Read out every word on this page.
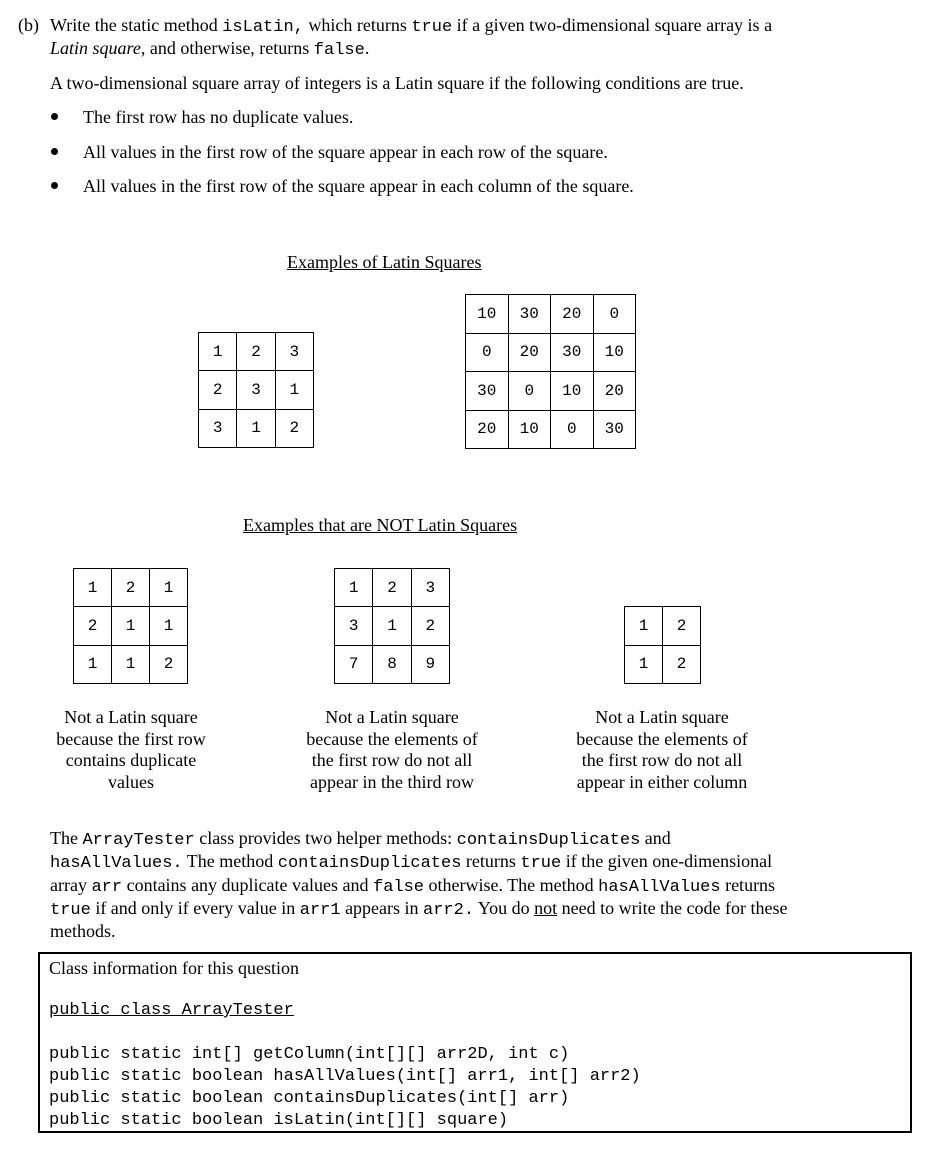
(b) Write the static method isLatin, which returns true if a given two-dimensional square array is a
Latin square, and otherwise, returns false.
A two-dimensional square array of integers is a Latin square if the following conditions are true.
The first row has no duplicate values.
All values in the first row of the square appear in each row of the square.
All values in the first row of the square appear in each column of the square.
Examples of Latin Squares
1	2	3
2	3	1
3	1	2
10	30	20	0
0	20	30	10
30	0	10	20
20	10	0	30
Examples that are NOT Latin Squares
1	2	1
2	1	1
1	1	2
Not a Latin square
because the first row
contains duplicate
values
1	2	3
3	1	2
7	8	9
Not a Latin square
because the elements of
the first row do not all
appear in the third row
1	2
1	2
Not a Latin square
because the elements of
the first row do not all
appear in either column
The ArrayTester class provides two helper methods: containsDuplicates and
hasAllValues. The method containsDuplicates returns true if the given one-dimensional
array arr contains any duplicate values and false otherwise. The method hasAllValues returns
true if and only if every value in arr1 appears in arr2. You do not need to write the code for these
methods.
Class information for this question
public class ArrayTester
public static int[] getColumn(int[][] arr2D, int c)
public static boolean hasAllValues(int[] arr1, int[] arr2)
public static boolean containsDuplicates(int[] arr)
public static boolean isLatin(int[][] square)
